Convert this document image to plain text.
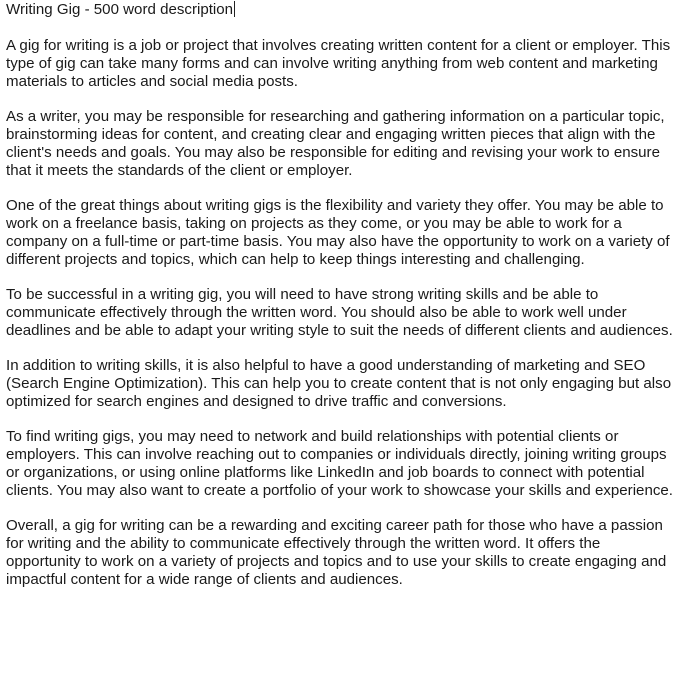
Writing Gig - 500 word description

A gig for writing is a job or project that involves creating written content for a client or employer. This type of gig can take many forms and can involve writing anything from web content and marketing materials to articles and social media posts.

As a writer, you may be responsible for researching and gathering information on a particular topic, brainstorming ideas for content, and creating clear and engaging written pieces that align with the client's needs and goals. You may also be responsible for editing and revising your work to ensure that it meets the standards of the client or employer.

One of the great things about writing gigs is the flexibility and variety they offer. You may be able to work on a freelance basis, taking on projects as they come, or you may be able to work for a company on a full-time or part-time basis. You may also have the opportunity to work on a variety of different projects and topics, which can help to keep things interesting and challenging.

To be successful in a writing gig, you will need to have strong writing skills and be able to communicate effectively through the written word. You should also be able to work well under deadlines and be able to adapt your writing style to suit the needs of different clients and audiences.

In addition to writing skills, it is also helpful to have a good understanding of marketing and SEO (Search Engine Optimization). This can help you to create content that is not only engaging but also optimized for search engines and designed to drive traffic and conversions.

To find writing gigs, you may need to network and build relationships with potential clients or employers. This can involve reaching out to companies or individuals directly, joining writing groups or organizations, or using online platforms like LinkedIn and job boards to connect with potential clients. You may also want to create a portfolio of your work to showcase your skills and experience.

Overall, a gig for writing can be a rewarding and exciting career path for those who have a passion for writing and the ability to communicate effectively through the written word. It offers the opportunity to work on a variety of projects and topics and to use your skills to create engaging and impactful content for a wide range of clients and audiences.
